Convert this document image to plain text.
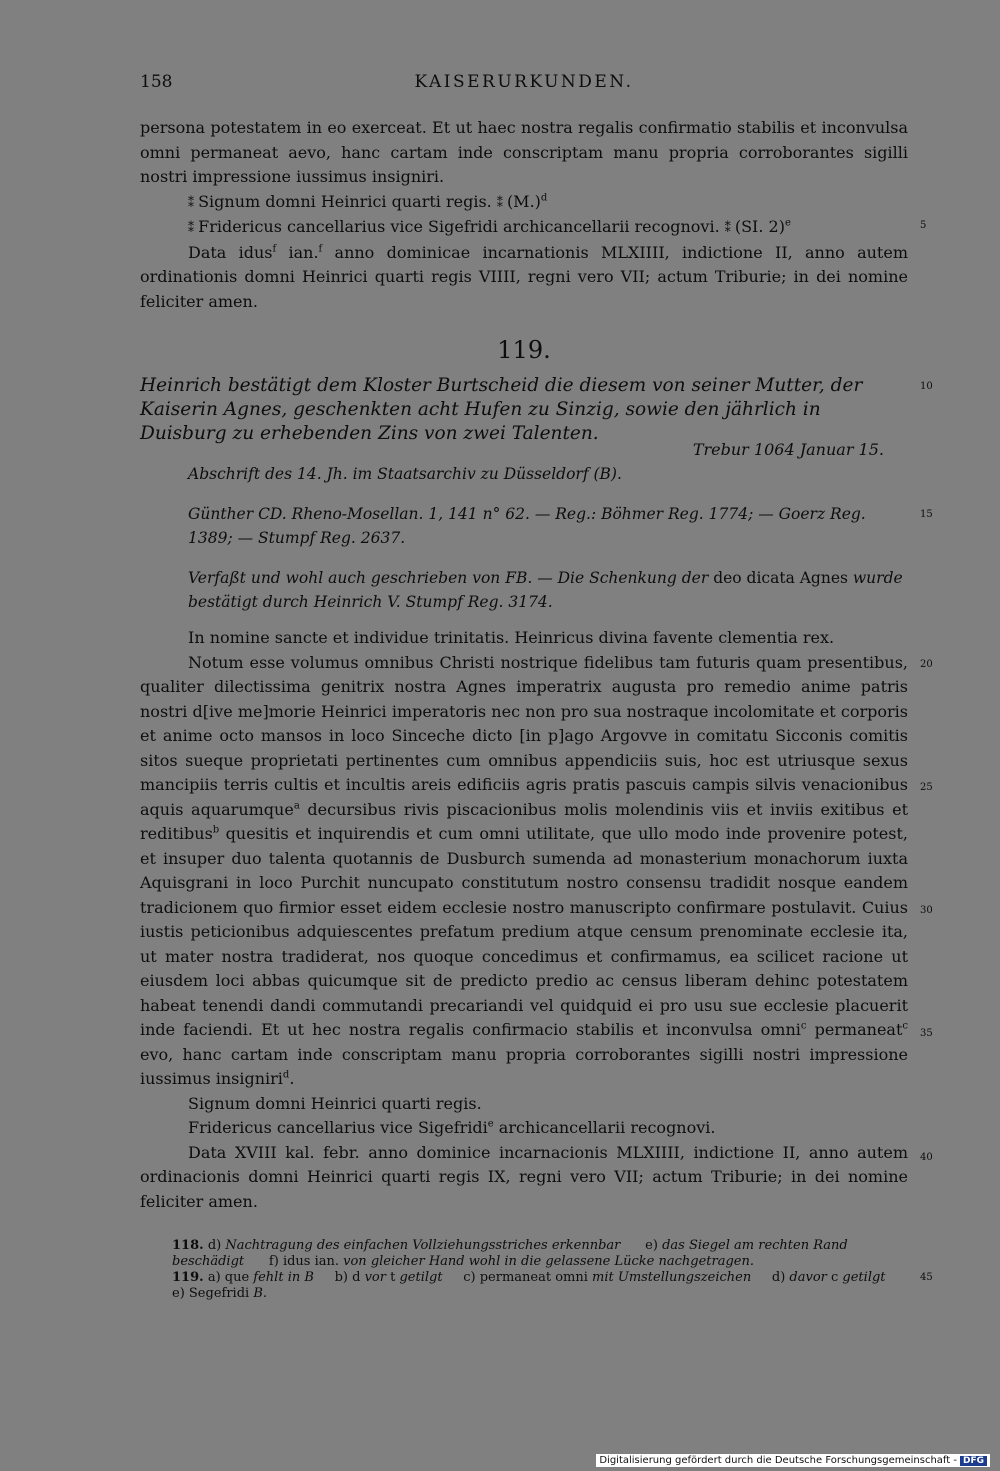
158	KAISERURKUNDEN.

persona potestatem in eo exerceat. Et ut haec nostra regalis confirmatio stabilis et inconvulsa omni permaneat aevo, hanc cartam inde conscriptam manu propria corroborantes sigilli nostri impressione iussimus insigniri.

⁑ Signum domni Heinrici quarti regis. ⁑ $(M.)^d$

⁑ Fridericus cancellarius vice Sigefridi archicancellarii recognovi. ⁑ (SI. 2)$^e$

Data idus$^f$ ian.$^f$ anno dominicae incarnationis MLXIIII, indictione II, anno autem ordinationis domni Heinrici quarti regis VIIII, regni vero VII; actum Triburie; in dei nomine feliciter amen.

119.

Heinrich bestätigt dem Kloster Burtscheid die diesem von seiner Mutter, der Kaiserin Agnes, geschenkten acht Hufen zu Sinzig, sowie den jährlich in Duisburg zu erhebenden Zins von zwei Talenten.

Trebur 1064 Januar 15.

Abschrift des 14. Jh. im Staatsarchiv zu Düsseldorf (B).

Günther CD. Rheno-Mosellan. 1, 141 n° 62. — Reg.: Böhmer Reg. 1774; — Goerz Reg. 1389; — Stumpf Reg. 2637.

Verfaßt und wohl auch geschrieben von FB. — Die Schenkung der deo dicata Agnes wurde bestätigt durch Heinrich V. Stumpf Reg. 3174.

In nomine sancte et individue trinitatis. Heinricus divina favente clementia rex.

Notum esse volumus omnibus Christi nostrique fidelibus tam futuris quam presentibus, qualiter dilectissima genitrix nostra Agnes imperatrix augusta pro remedio anime patris nostri d[ive me]morie Heinrici imperatoris nec non pro sua nostraque incolomitate et corporis et anime octo mansos in loco Sinceche dicto [in p]ago Argovve in comitatu Sicconis comitis sitos sueque proprietati pertinentes cum omnibus appendiciis suis, hoc est utriusque sexus mancipiis terris cultis et incultis areis edificiis agris pratis pascuis campis silvis venacionibus aquis aquarumque$^a$ decursibus rivis piscacionibus molis molendinis viis et inviis exitibus et reditibus$^b$ quesitis et inquirendis et cum omni utilitate, que ullo modo inde provenire potest, et insuper duo talenta quotannis de Dusburch sumenda ad monasterium monachorum iuxta Aquisgrani in loco Purchit nuncupato constitutum nostro consensu tradidit nosque eandem tradicionem quo firmior esset eidem ecclesie nostro manuscripto confirmare postulavit. Cuius iustis peticionibus adquiescentes prefatum predium atque censum prenominate ecclesie ita, ut mater nostra tradiderat, nos quoque concedimus et confirmamus, ea scilicet racione ut eiusdem loci abbas quicumque sit de predicto predio ac census liberam dehinc potestatem habeat tenendi dandi commutandi precariandi vel quidquid ei pro usu sue ecclesie placuerit inde faciendi. Et ut hec nostra regalis confirmacio stabilis et inconvulsa omni$^c$ permaneat$^c$ evo, hanc cartam inde conscriptam manu propria corroborantes sigilli nostri impressione iussimus insigniri$^d$.

Signum domni Heinrici quarti regis.

Fridericus cancellarius vice Sigefridi$^e$ archicancellarii recognovi.

Data XVIII kal. febr. anno dominice incarnacionis MLXIIII, indictione II, anno autem ordinacionis domni Heinrici quarti regis IX, regni vero VII; actum Triburie; in dei nomine feliciter amen.

118. d) Nachtragung des einfachen Vollziehungsstriches erkennbar e) das Siegel am rechten Rand beschädigt f) idus ian. von gleicher Hand wohl in die gelassene Lücke nachgetragen.

119. a) que fehlt in B b) d vor t getilgt c) permaneat omni mit Umstellungszeichen d) davor c getilgt     e) Segefridi B.

5
10
15
20
25
30
35
40
45
Digitalisierung gefördert durch die Deutsche Forschungsgemeinschaft - DFG
